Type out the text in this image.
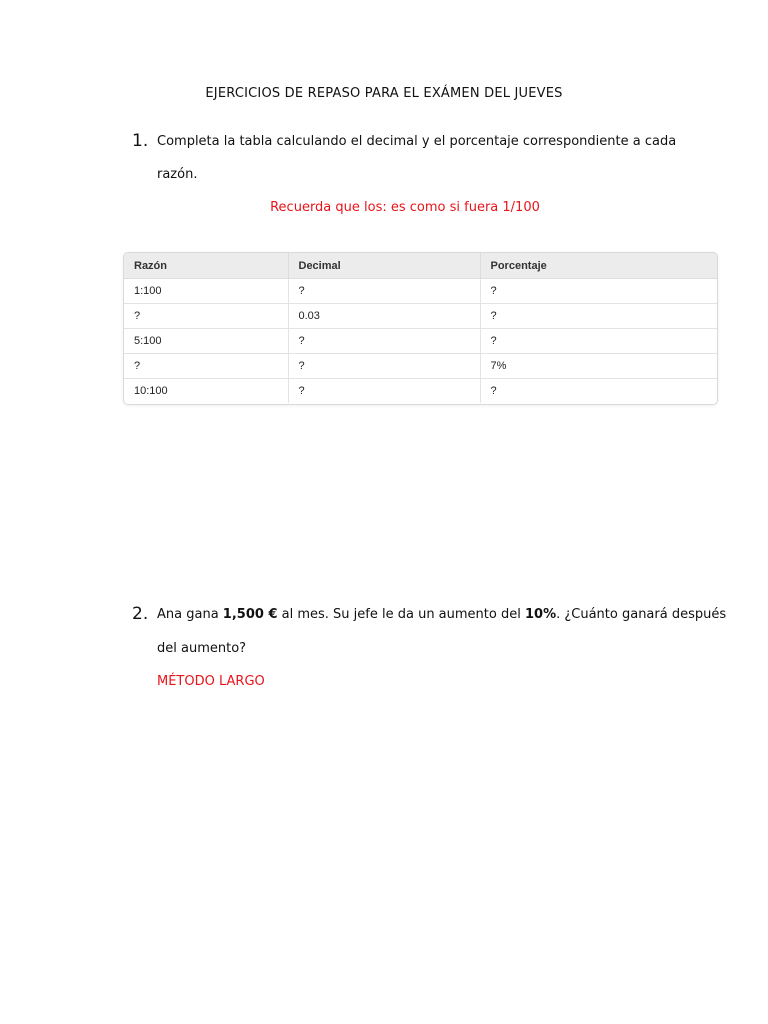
EJERCICIOS DE REPASO PARA EL EXÁMEN DEL JUEVES
1. Completa la tabla calculando el decimal y el porcentaje correspondiente a cada
razón.
Recuerda que los: es como si fuera 1/100
Razón	Decimal	Porcentaje
1:100	?	?
?	0.03	?
5:100	?	?
?	?	7%
10:100	?	?
2. Ana gana 1,500 € al mes. Su jefe le da un aumento del 10%. ¿Cuánto ganará después
del aumento?
MÉTODO LARGO
